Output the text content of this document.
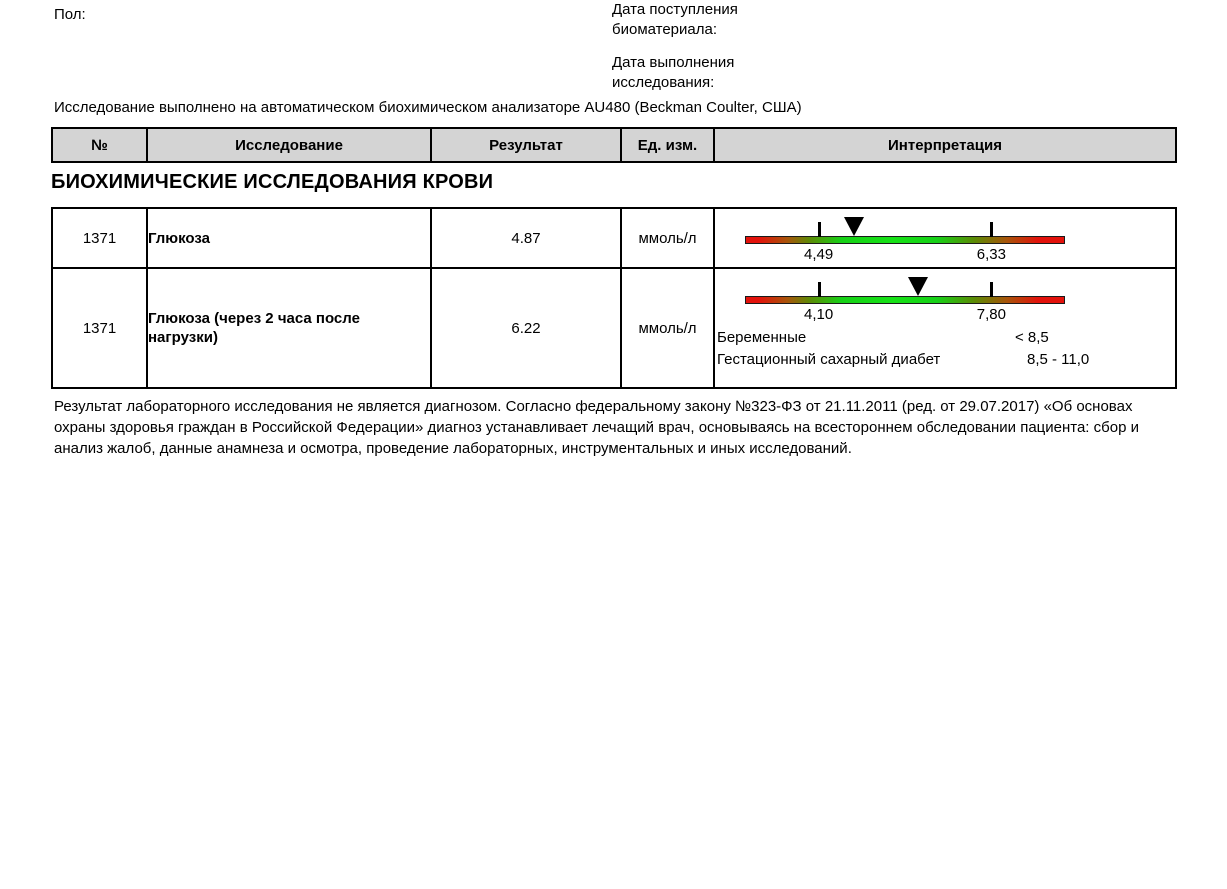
Пол:	Дата поступления
биоматериала:
Дата выполнения
исследования:
Исследование выполнено на автоматическом биохимическом анализаторе AU480 (Beckman Coulter, США)
№	Исследование	Результат	Ед. изм.	Интерпретация
БИОХИМИЧЕСКИЕ ИССЛЕДОВАНИЯ КРОВИ
1371	Глюкоза	4.87	ммоль/л	4,49 6,33

1371	Глюкоза (через 2 часа после нагрузки)	6.22	ммоль/л	
4,10	7,80
Беременные	< 8,5
Гестационный сахарный диабет	8,5 - 11,0
Результат лабораторного исследования не является диагнозом. Согласно федеральному закону №323-ФЗ от 21.11.2011 (ред. от 29.07.2017) «Об основах охраны здоровья граждан в Российской Федерации» диагноз устанавливает лечащий врач, основываясь на всестороннем обследовании пациента: сбор и анализ жалоб, данные анамнеза и осмотра, проведение лабораторных, инструментальных и иных исследований.
